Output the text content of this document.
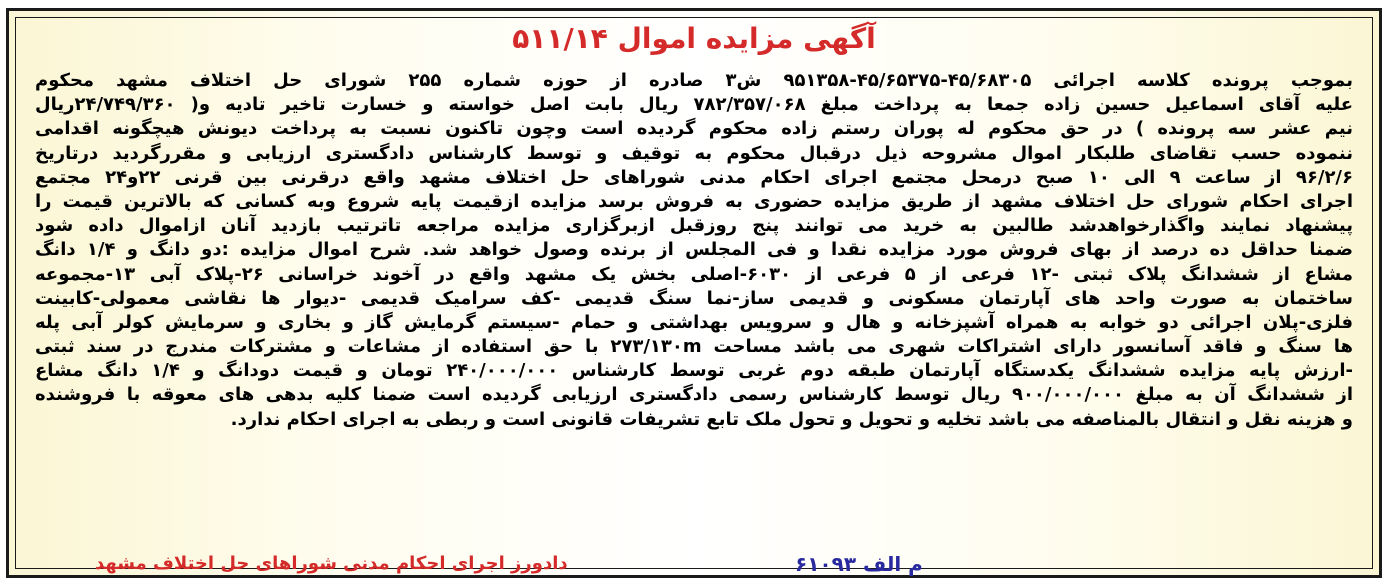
۵۱۱/۱۴ آگهی مزایده اموال
بموجب پرونده کلاسه اجرائی ۴۵/۶۸۳۰۵-۴۵/۶۵۳۷۵-۹۵۱۳۵۸ ش۳ صادره از حوزه شماره ۲۵۵ شورای حل اختلاف مشهد محکوم
علیه آقای اسماعیل حسین زاده جمعا به پرداخت مبلغ ۷۸۲/۳۵۷/۰۶۸ ریال بابت اصل خواسته و خسارت تاخیر تادیه و( ۲۴/۷۴۹/۳۶۰ریال
نیم عشر سه پرونده ) در حق محکوم له پوران رستم زاده محکوم گردیده است وچون تاکنون نسبت به پرداخت دیونش هیچگونه اقدامی
ننموده حسب تقاضای طلبکار اموال مشروحه ذیل درقبال محکوم به توقیف و توسط کارشناس دادگستری ارزیابی و مقررگردید درتاریخ
۹۶/۲/۶ از ساعت ۹ الی ۱۰ صبح درمحل مجتمع اجرای احکام مدنی شوراهای حل اختلاف مشهد واقع درقرنی بین قرنی ۲۲و۲۴ مجتمع
اجرای احکام شورای حل اختلاف مشهد از طریق مزایده حضوری به فروش برسد مزایده ازقیمت پایه شروع وبه کسانی که بالاترین قیمت را
پیشنهاد نمایند واگذارخواهدشد طالبین به خرید می توانند پنج روزقبل ازبرگزاری مزایده مراجعه تاترتیب بازدید آنان ازاموال داده شود
ضمنا حداقل ده درصد از بهای فروش مورد مزایده نقدا و فی المجلس از برنده وصول خواهد شد. شرح اموال مزایده :دو دانگ و ۱/۴ دانگ
مشاع از ششدانگ پلاک ثبتی -۱۲ فرعی از ۵ فرعی از ۶۰۳۰-اصلی بخش یک مشهد واقع در آخوند خراسانی ۲۶-پلاک آبی ۱۳-مجموعه
ساختمان به صورت واحد های آپارتمان مسکونی و قدیمی ساز-نما سنگ قدیمی -کف سرامیک قدیمی -دیوار ها نقاشی معمولی-کابینت
فلزی-پلان اجرائی دو خوابه به همراه آشپزخانه و هال و سرویس بهداشتی و حمام -سیستم گرمایش گاز و بخاری و سرمایش کولر آبی پله
ها سنگ و فاقد آسانسور دارای اشتراکات شهری می باشد مساحت ۲۷۳/۱۳۰m با حق استفاده از مشاعات و مشترکات مندرج در سند ثبتی
-ارزش پایه مزایده ششدانگ یکدستگاه آپارتمان طبقه دوم غربی توسط کارشناس ۲۴۰/۰۰۰/۰۰۰ تومان و قیمت دودانگ و ۱/۴ دانگ مشاع
از ششدانگ آن به مبلغ ۹۰۰/۰۰۰/۰۰۰ ریال توسط کارشناس رسمی دادگستری ارزیابی گردیده است ضمنا کلیه بدهی های معوقه با فروشنده
و هزینه نقل و انتقال بالمناصفه می باشد تخلیه و تحویل و تحول ملک تابع تشریفات قانونی است و ربطی به اجرای احکام ندارد.
م الف ۶۱۰۹۳
دادورز اجرای احکام مدنی شوراهای حل اختلاف مشهد
